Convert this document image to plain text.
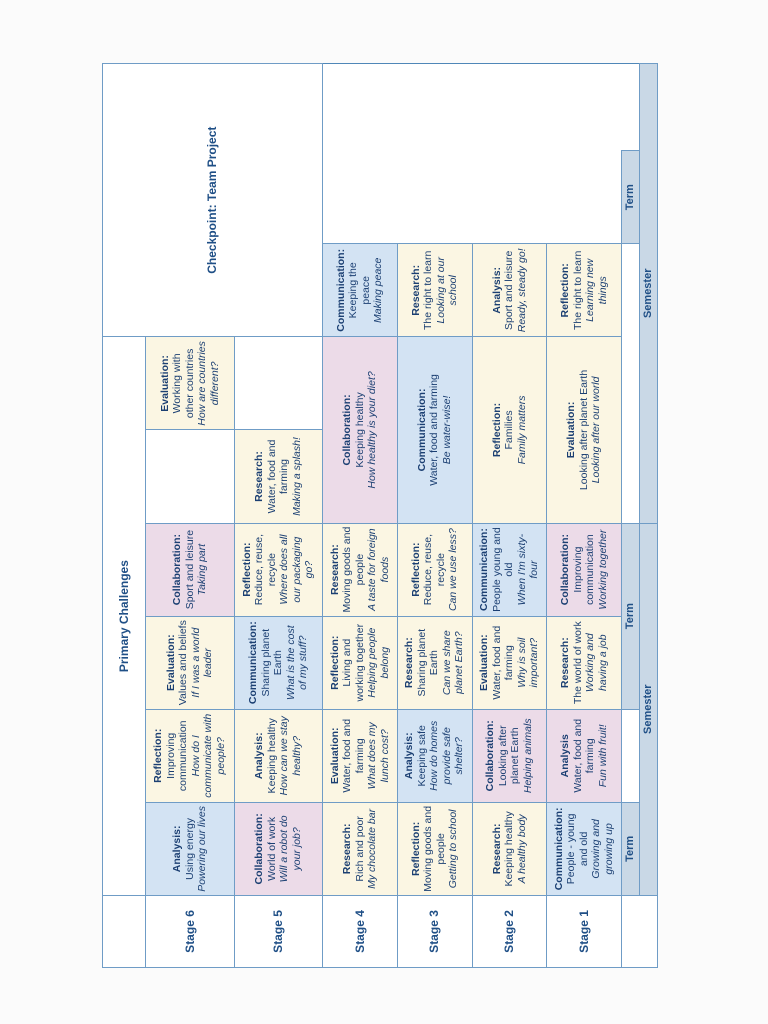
	Primary Challenges						Checkpoint: Team Project	
Stage 6	Analysis: Using energy Powering our lives	Reflection: Improving communication How do I communicate with people?	Evaluation: Values and beliefs If I was a world leader	Collaboration: Sport and leisure Taking part		Evaluation: Working with other countries How are countries different?		

Stage 5	Collaboration: World of work Will a robot do your job?	Analysis: Keeping healthy How can we stay healthy?	Communication: Sharing planet Earth What is the cost of my stuff?	Reflection: Reduce, reuse, recycle Where does all our packaging go?	Research: Water, food and farming Making a splash!			

Stage 4	Research: Rich and poor My chocolate bar	Evaluation: Water, food and farming What does my lunch cost?	Reflection: Living and working together Helping people belong	Research: Moving goods and people A taste for foreign foods	Collaboration: Keeping healthy How healthy is your diet?		Communication: Keeping the peace Making peace	

Stage 3	Reflection: Moving goods and people Getting to school	Analysis: Keeping safe How do homes provide safe shelter?	Research: Sharing planet Earth Can we share planet Earth?	Reflection: Reduce, reuse, recycle Can we use less?	Communication: Water, food and farming Be water-wise!		Research: The right to learn Looking at our school	

Stage 2	Research: Keeping healthy A healthy body	Collaboration: Looking after planet Earth Helping animals	Evaluation: Water, food and farming Why is soil important?	Communication: People young and old When I'm sixty-four	Reflection: Families Family matters		Analysis: Sport and leisure Ready, steady go!	

Stage 1	Communication: People - young and old Growing and growing up	Analysis Water, food and farming Fun with fruit!	Research: The world of work Working and having a job	Collaboration: Improving communication Working together	Evaluation: Looking after planet Earth Looking after our world		Reflection: The right to learn Learning new things	

	Term		Term					Term
	Semester				Semester			
